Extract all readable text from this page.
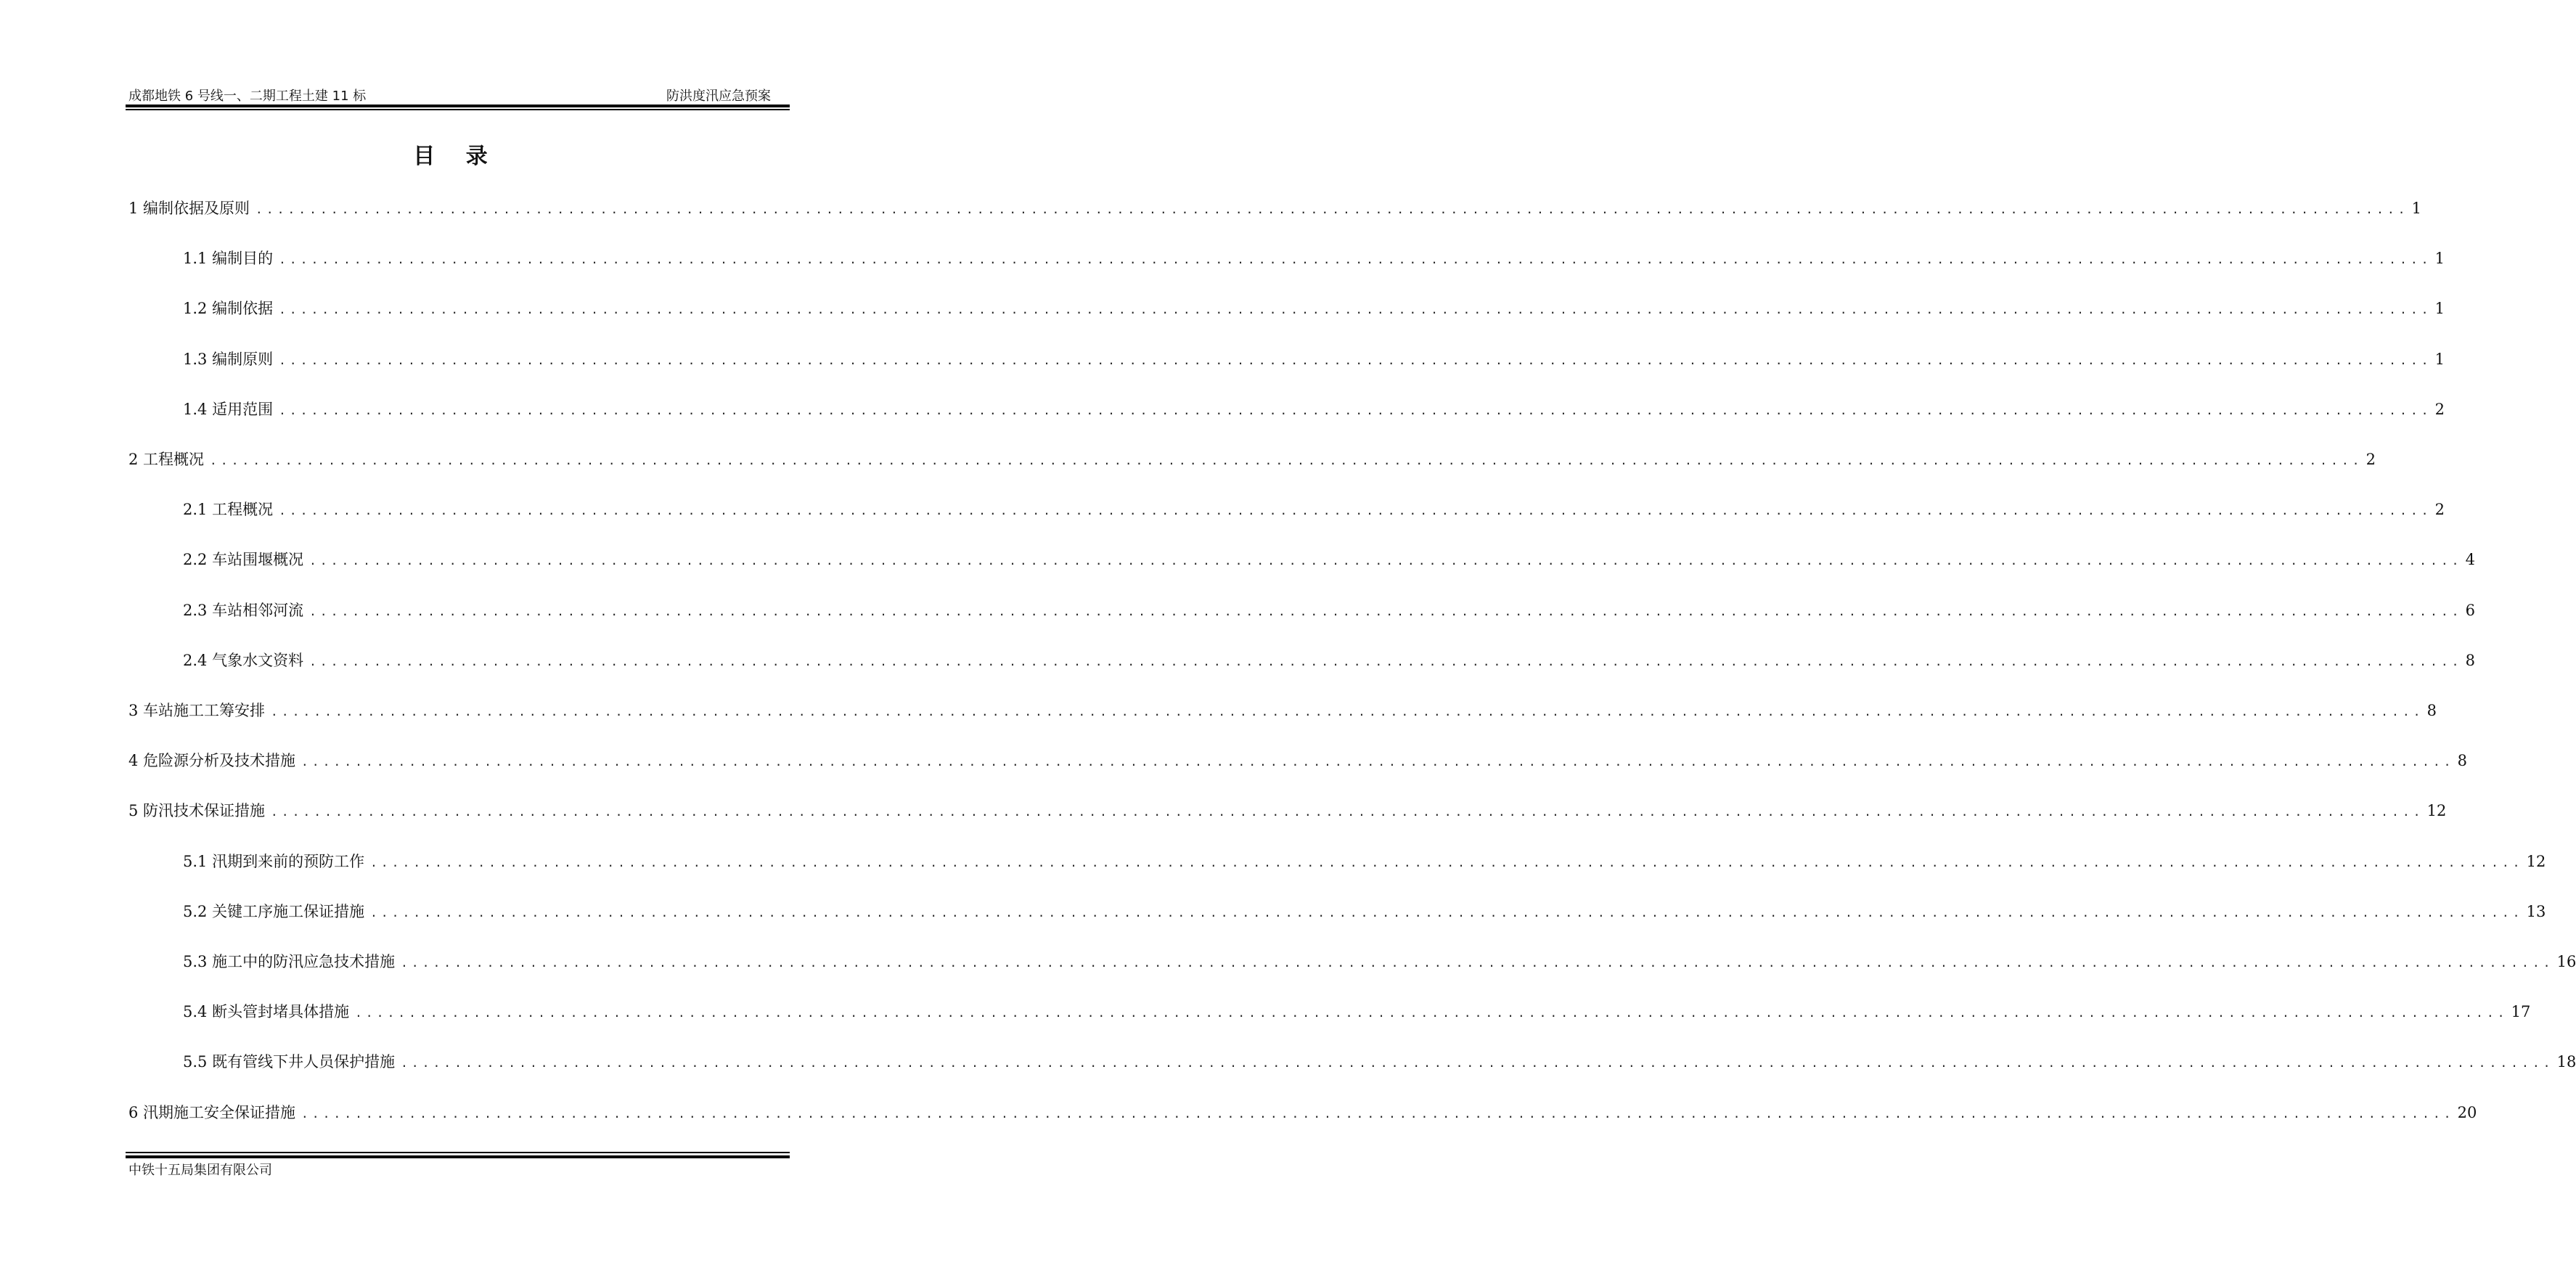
成都地铁 6 号线一、二期工程土建 11 标	防洪度汛应急预案
目 录
1 编制依据及原则 ........................................................................................................................................................................................................ 1
1.1 编制目的 ........................................................................................................................................................................................................ 1
1.2 编制依据 ........................................................................................................................................................................................................ 1
1.3 编制原则 ........................................................................................................................................................................................................ 1
1.4 适用范围 ........................................................................................................................................................................................................ 2
2 工程概况 ........................................................................................................................................................................................................ 2
2.1 工程概况 ........................................................................................................................................................................................................ 2
2.2 车站围堰概况 ........................................................................................................................................................................................................ 4
2.3 车站相邻河流 ........................................................................................................................................................................................................ 6
2.4 气象水文资料 ........................................................................................................................................................................................................ 8
3 车站施工工筹安排 ........................................................................................................................................................................................................ 8
4 危险源分析及技术措施 ........................................................................................................................................................................................................ 8
5 防汛技术保证措施 ........................................................................................................................................................................................................ 12
5.1 汛期到来前的预防工作 ........................................................................................................................................................................................................ 12
5.2 关键工序施工保证措施 ........................................................................................................................................................................................................ 13
5.3 施工中的防汛应急技术措施 ........................................................................................................................................................................................................ 16
5.4 断头管封堵具体措施 ........................................................................................................................................................................................................ 17
5.5 既有管线下井人员保护措施 ........................................................................................................................................................................................................ 18
6 汛期施工安全保证措施 ........................................................................................................................................................................................................ 20
中铁十五局集团有限公司
